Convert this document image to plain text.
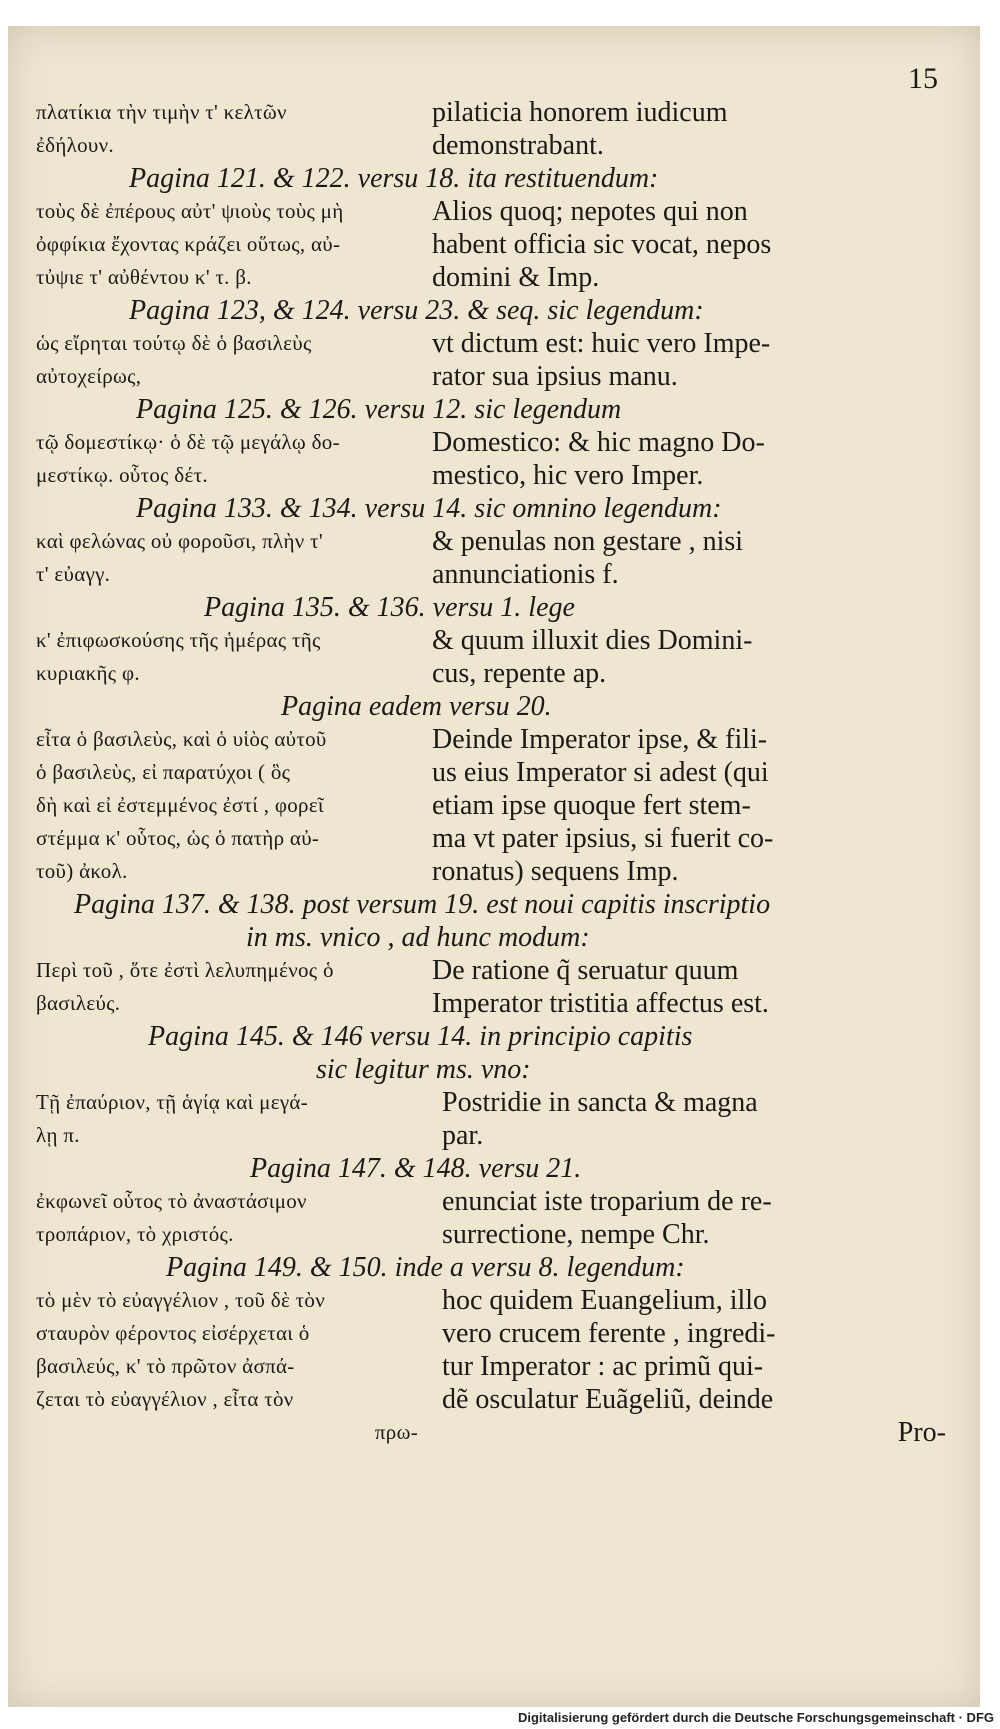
15
πλατίκια τὴν τιμὴν τ' κελτῶν
ἐδήλουν.
pilaticia honorem iudicum
demonstrabant.
Pagina 121. & 122. versu 18. ita restituendum:
τοὺς δὲ ἐπέρους αὐτ' ψιοὺς τοὺς μὴ
ὀφφίκια ἔχοντας κράζει οὕτως, αὐ-
τὐψιε τ' αὐθέντου κ' τ. β.
Alios quoq; nepotes qui non
habent officia sic vocat, nepos
domini & Imp.
Pagina 123, & 124. versu 23. & seq. sic legendum:
ὡς εἴρηται τούτῳ δὲ ὁ βασιλεὺς
αὐτοχείρως,
vt dictum est: huic vero Impe-
rator sua ipsius manu.
Pagina 125. & 126. versu 12. sic legendum
τῷ δομεστίκῳ· ὁ δὲ τῷ μεγάλῳ δο-
μεστίκῳ. οὗτος δέτ.
Domestico: & hic magno Do-
mestico, hic vero Imper.
Pagina 133. & 134. versu 14. sic omnino legendum:
καὶ φελώνας οὐ φοροῦσι, πλὴν τ'
τ' εὐαγγ.
& penulas non gestare , nisi
annunciationis f.
Pagina 135. & 136. versu 1. lege
κ' ἐπιφωσκούσης τῆς ἡμέρας τῆς
κυριακῆς φ.
& quum illuxit dies Domini-
cus, repente ap.
Pagina eadem versu 20.
εἶτα ὁ βασιλεὺς, καὶ ὁ υἱὸς αὐτοῦ
ὁ βασιλεὺς, εἰ παρατύχοι ( ὃς
δὴ καὶ εἰ ἐστεμμένος ἐστί , φορεῖ
στέμμα κ' οὗτος, ὡς ὁ πατὴρ αὐ-
τοῦ) ἀκολ.
Deinde Imperator ipse, & fili-
us eius Imperator si adest (qui
etiam ipse quoque fert stem-
ma vt pater ipsius, si fuerit co-
ronatus) sequens Imp.
Pagina 137. & 138. post versum 19. est noui capitis inscriptio
in ms. vnico , ad hunc modum:
Περὶ τοῦ , ὅτε ἐστὶ λελυπημένος ὁ
βασιλεύς.
De ratione q̃ seruatur quum
Imperator tristitia affectus est.
Pagina 145. & 146 versu 14. in principio capitis
sic legitur ms. vno:
Τῇ ἐπαύριον, τῇ ἁγίᾳ καὶ μεγά-
λῃ π.
Postridie in sancta & magna
par.
Pagina 147. & 148. versu 21.
ἐκφωνεῖ οὗτος τὸ ἀναστάσιμον
τροπάριον, τὸ χριστός.
enunciat iste troparium de re-
surrectione, nempe Chr.
Pagina 149. & 150. inde a versu 8. legendum:
τὸ μὲν τὸ εὐαγγέλιον , τοῦ δὲ τὸν
σταυρὸν φέροντος εἰσέρχεται ὁ
βασιλεύς, κ' τὸ πρῶτον ἀσπά-
ζεται τὸ εὐαγγέλιον , εἶτα τὸν
πρω-
hoc quidem Euangelium, illo
vero crucem ferente , ingredi-
tur Imperator : ac primũ qui-
dẽ osculatur Euãgeliũ, deinde
Pro-
Digitalisierung gefördert durch die Deutsche Forschungsgemeinschaft · DFG
